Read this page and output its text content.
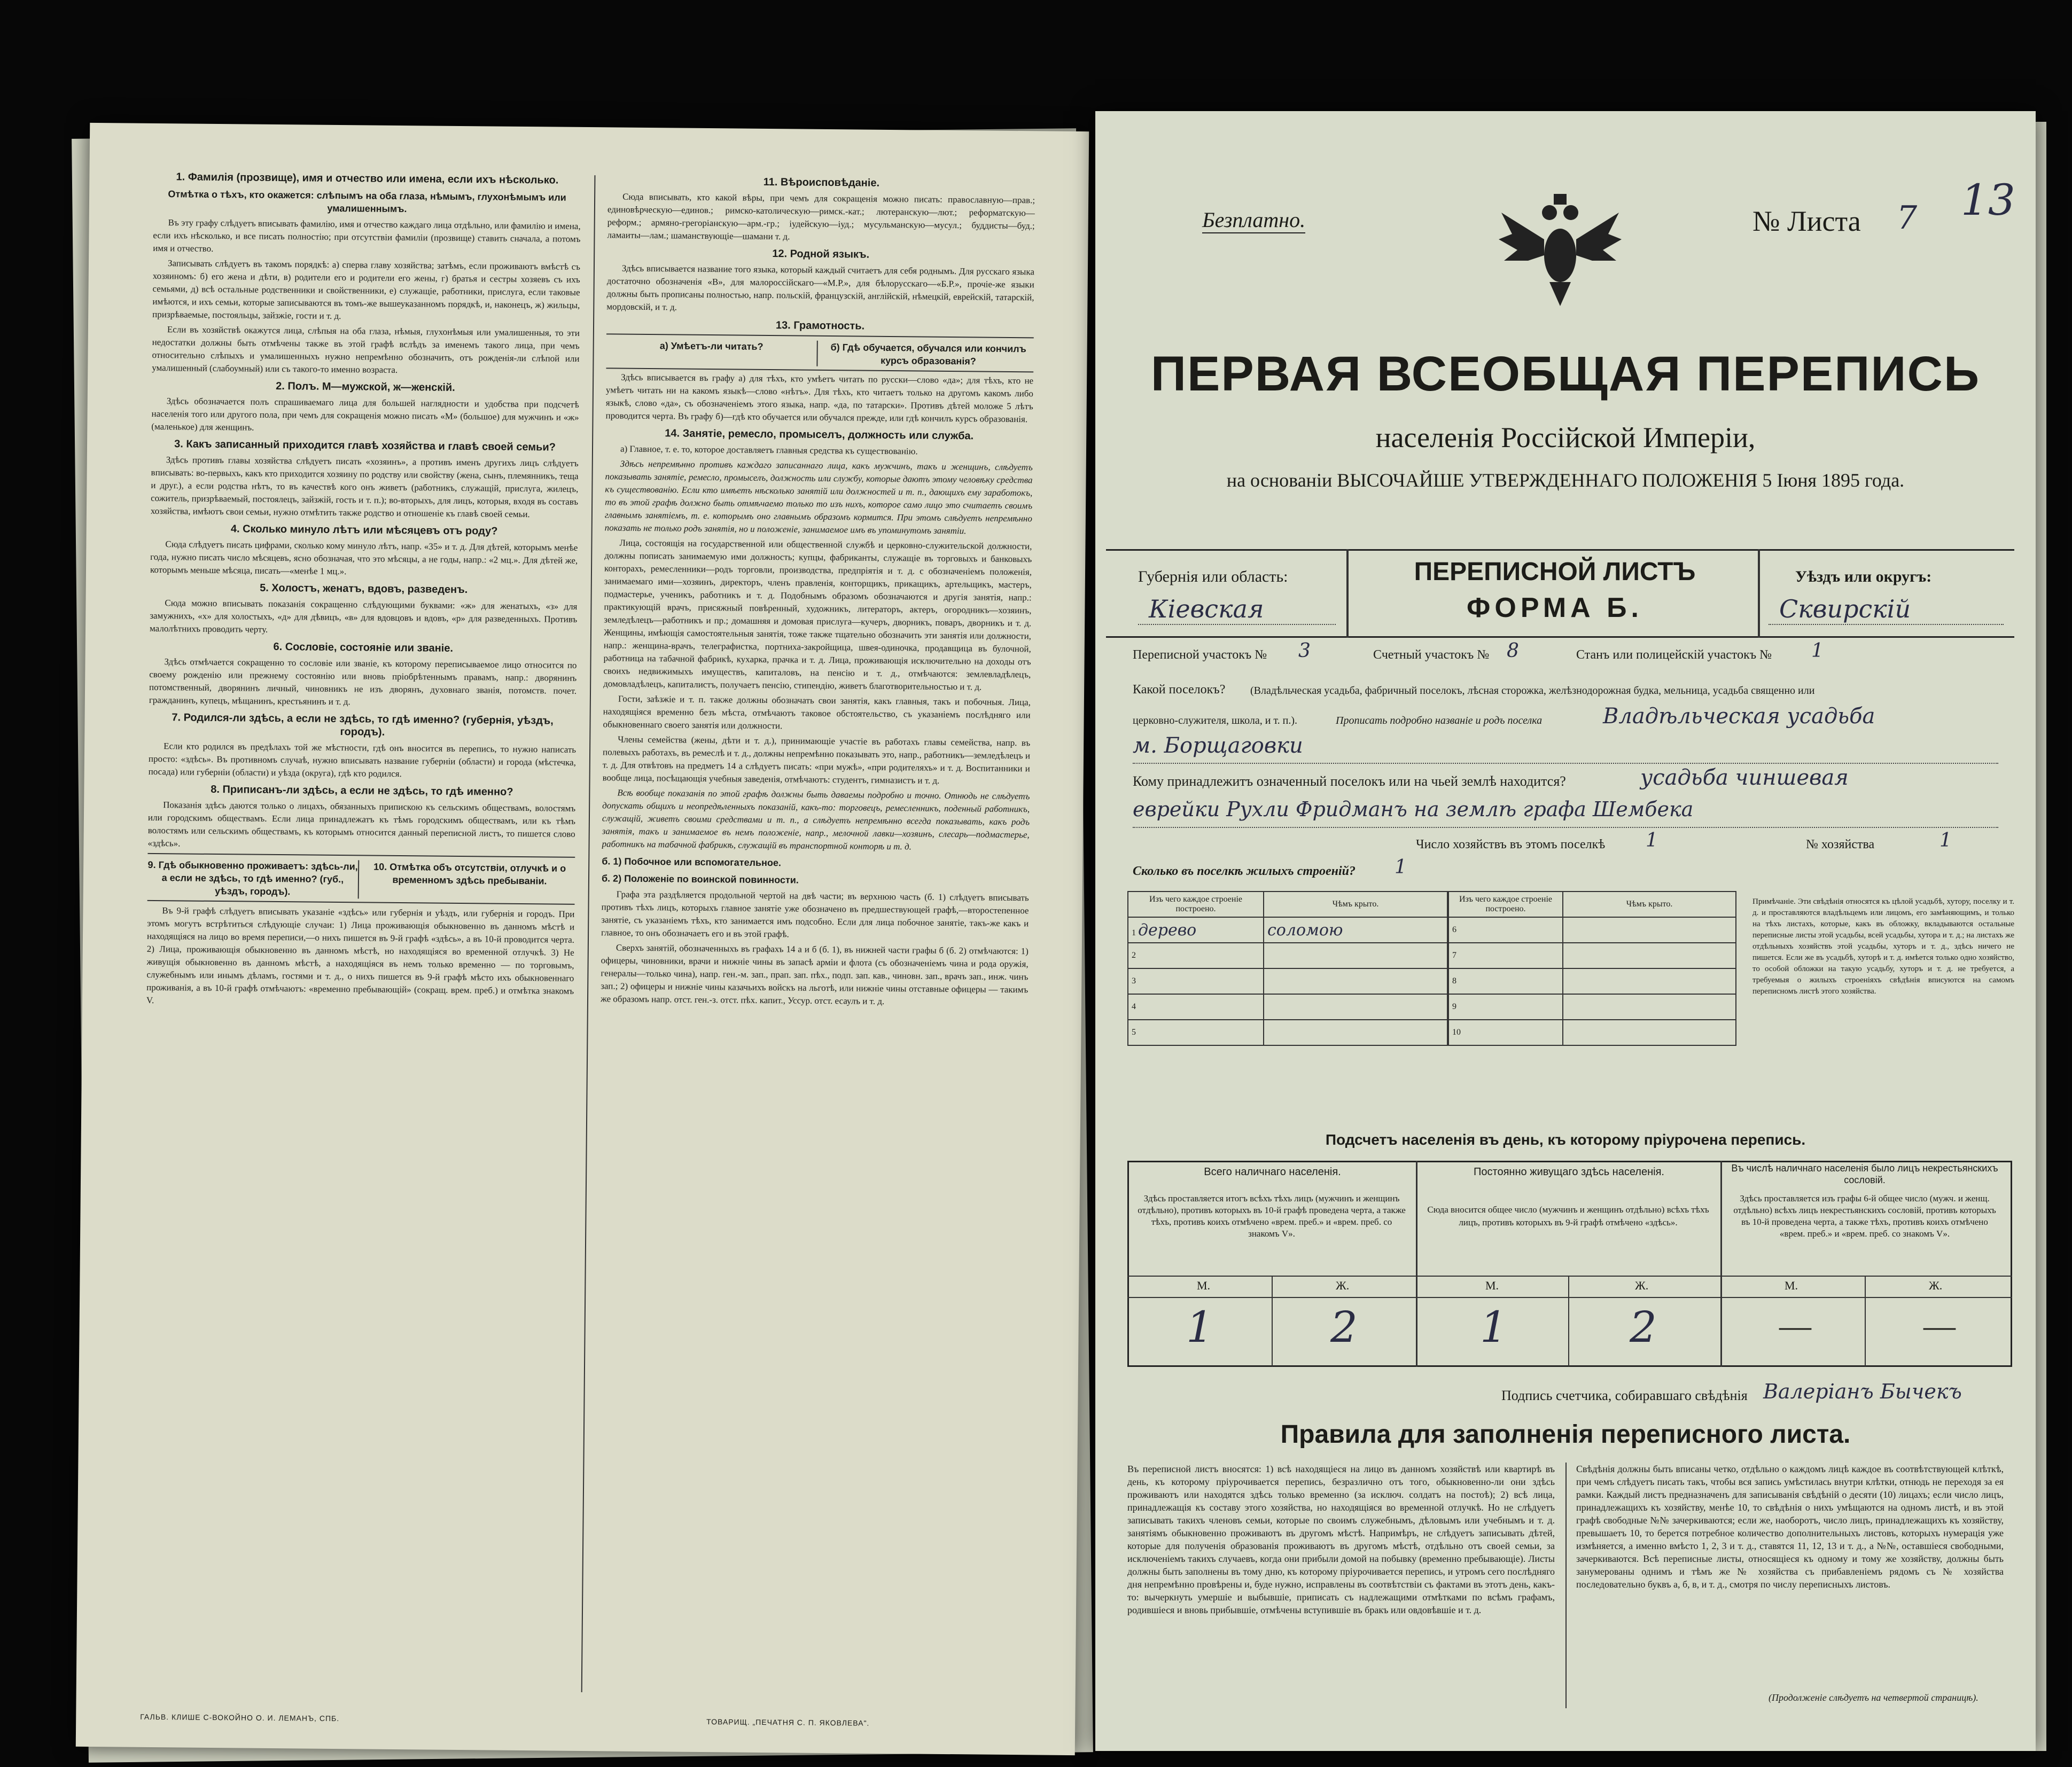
1. Фамилія (прозвище), имя и отчество или имена, если ихъ нѣсколько.
Отмѣтка о тѣхъ, кто окажется: слѣпымъ на оба глаза, нѣмымъ, глухонѣмымъ или умалишеннымъ.

Въ эту графу слѣдуетъ вписывать фамилію, имя и отчество каждаго лица отдѣльно, или фамилію и имена, если ихъ нѣсколько, и все писать полностію; при отсутствіи фамиліи (прозвище) ставить сначала, а потомъ имя и отчество.

Записывать слѣдуетъ въ такомъ порядкѣ: а) сперва главу хозяйства; затѣмъ, если проживаютъ вмѣстѣ съ хозяиномъ: б) его жена и дѣти, в) родители его и родители его жены, г) братья и сестры хозяевъ съ ихъ семьями, д) всѣ остальные родственники и свойственники, е) служащіе, работники, прислуга, если таковые имѣются, и ихъ семьи, которые записываются въ томъ-же вышеуказанномъ порядкѣ, и, наконецъ, ж) жильцы, призрѣваемые, постояльцы, зайзжіе, гости и т. д.

Если въ хозяйствѣ окажутся лица, слѣпыя на оба глаза, нѣмыя, глухонѣмыя или умалишенныя, то эти недостатки должны быть отмѣчены также въ этой графѣ вслѣдъ за именемъ такого лица, при чемъ относительно слѣпыхъ и умалишенныхъ нужно непремѣнно обозначить, отъ рожденія-ли слѣпой или умалишенный (слабоумный) или съ такого-то именно возраста.

2. Полъ. М—мужской, ж—женскій.

Здѣсь обозначается полъ спрашиваемаго лица для большей наглядности и удобства при подсчетѣ населенія того или другого пола, при чемъ для сокращенія можно писать «М» (большое) для мужчинъ и «ж» (маленькое) для женщинъ.

3. Какъ записанный приходится главѣ хозяйства и главѣ своей семьи?

Здѣсь противъ главы хозяйства слѣдуетъ писать «хозяинъ», а противъ именъ другихъ лицъ слѣдуетъ вписывать: во-первыхъ, какъ кто приходится хозяину по родству или свойству (жена, сынъ, племянникъ, теща и друг.), а если родства нѣтъ, то въ качествѣ кого онъ живетъ (работникъ, служащій, прислуга, жилецъ, сожитель, призрѣваемый, постоялецъ, зайзжій, гость и т. п.); во-вторыхъ, для лицъ, которыя, входя въ составъ хозяйства, имѣютъ свои семьи, нужно отмѣтить также родство и отношеніе къ главѣ своей семьи.

4. Сколько минуло лѣтъ или мѣсяцевъ отъ роду?

Сюда слѣдуетъ писать цифрами, сколько кому минуло лѣтъ, напр. «35» и т. д. Для дѣтей, которымъ менѣе года, нужно писать число мѣсяцевъ, ясно обозначая, что это мѣсяцы, а не годы, напр.: «2 мц.». Для дѣтей же, которымъ меньше мѣсяца, писать—«менѣе 1 мц.».

5. Холостъ, женатъ, вдовъ, разведенъ.

Сюда можно вписывать показанія сокращенно слѣдующими буквами: «ж» для женатыхъ, «з» для замужнихъ, «х» для холостыхъ, «д» для дѣвицъ, «в» для вдовцовъ и вдовъ, «р» для разведенныхъ. Противъ малолѣтнихъ проводить черту.

6. Сословіе, состояніе или званіе.

Здѣсь отмѣчается сокращенно то сословіе или званіе, къ которому переписываемое лицо относится по своему рожденію или прежнему состоянію или вновь пріобрѣтеннымъ правамъ, напр.: дворянинъ потомственный, дворянинъ личный, чиновникъ не изъ дворянъ, духовнаго званія, потомств. почет. гражданинъ, купецъ, мѣщанинъ, крестьянинъ и т. д.

7. Родился-ли здѣсь, а если не здѣсь, то гдѣ именно? (губернія, уѣздъ, городъ).

Если кто родился въ предѣлахъ той же мѣстности, гдѣ онъ вносится въ перепись, то нужно написать просто: «здѣсь». Въ противномъ случаѣ, нужно вписывать название губерніи (области) и города (мѣстечка, посада) или губерніи (области) и уѣзда (округа), гдѣ кто родился.

8. Приписанъ-ли здѣсь, а если не здѣсь, то гдѣ именно?

Показанія здѣсь даются только о лицахъ, обязанныхъ припискою къ сельскимъ обществамъ, волостямъ или городскимъ обществамъ. Если лица принадлежатъ къ тѣмъ городскимъ обществамъ, или къ тѣмъ волостямъ или сельскимъ обществамъ, къ которымъ относится данный переписной листъ, то пишется слово «здѣсь».

9. Гдѣ обыкновенно проживаетъ: здѣсь-ли, а если не здѣсь, то гдѣ именно? (губ., уѣздъ, городъ).
10. Отмѣтка объ отсутствіи, отлучкѣ и о временномъ здѣсь пребываніи.

Въ 9-й графѣ слѣдуетъ вписывать указаніе «здѣсь» или губернія и уѣздъ, или губернія и городъ. При этомъ могутъ встрѣтиться слѣдующіе случаи: 1) Лица проживающія обыкновенно въ данномъ мѣстѣ и находящіяся на лицо во время переписи,—о нихъ пишется въ 9-й графѣ «здѣсь», а въ 10-й проводится черта. 2) Лица, проживающія обыкновенно въ данномъ мѣстѣ, но находящіяся во временной отлучкѣ. 3) Не живущія обыкновенно въ данномъ мѣстѣ, а находящіяся въ немъ только временно — по торговымъ, служебнымъ или инымъ дѣламъ, гостями и т. д., о нихъ пишется въ 9-й графѣ мѣсто ихъ обыкновеннаго проживанія, а въ 10-й графѣ отмѣчаютъ: «временно пребывающій» (сокращ. врем. преб.) и отмѣтка знакомъ V.

11. Вѣроисповѣданіе.

Сюда вписывать, кто какой вѣры, при чемъ для сокращенія можно писать: православную—прав.; единовѣрческую—единов.; римско-католическую—римск.-кат.; лютеранскую—лют.; реформатскую—реформ.; армяно-грегоріанскую—арм.-гр.; іудейскую—іуд.; мусульманскую—мусул.; буддисты—буд.; ламаиты—лам.; шаманствующіе—шамани т. д.

12. Родной языкъ.

Здѣсь вписывается название того языка, который каждый считаетъ для себя роднымъ. Для русскаго языка достаточно обозначенія «В», для малороссійскаго—«М.Р.», для бѣлорусскаго—«Б.Р.», прочіе-же языки должны быть прописаны полностью, напр. польскій, французскій, англійскій, нѣмецкій, еврейскій, татарскій, мордовскій, и т. д.

13. Грамотность.
а) Умѣетъ-ли читать?	б) Гдѣ обучается, обучался или кончилъ курсъ образованія?

Здѣсь вписывается въ графу а) для тѣхъ, кто умѣетъ читать по русски—слово «да»; для тѣхъ, кто не умѣетъ читать ни на какомъ языкѣ—слово «нѣтъ». Для тѣхъ, кто читаетъ только на другомъ какомъ либо языкѣ, слово «да», съ обозначеніемъ этого языка, напр. «да, по татарски». Противъ дѣтей моложе 5 лѣтъ проводится черта. Въ графу б)—гдѣ кто обучается или обучался прежде, или гдѣ кончилъ курсъ образованія.

14. Занятіе, ремесло, промыселъ, должность или служба.

а) Главное, т. е. то, которое доставляетъ главныя средства къ существованію.

Здѣсь непремѣнно противъ каждаго записаннаго лица, какъ мужчинъ, такъ и женщинъ, слѣдуетъ показывать занятіе, ремесло, промыселъ, должность или службу, которые даютъ этому человѣку средства къ существованію. Если кто имѣетъ нѣсколько занятій или должностей и т. п., дающихъ ему заработокъ, то въ этой графѣ должно быть отмѣчаемо только то изъ нихъ, которое само лицо это считаетъ своимъ главнымъ занятіемъ, т. е. которымъ оно главнымъ образомъ кормится. При этомъ слѣдуетъ непремѣнно показать не только родъ занятія, но и положеніе, занимаемое имъ въ упоминутомъ занятіи.

Лица, состоящія на государственной или общественной службѣ и церковно-служительской должности, должны пописать занимаемую ими должность; купцы, фабриканты, служащіе въ торговыхъ и банковыхъ конторахъ, ремесленники—родъ торговли, производства, предпріятія и т. д. с обозначеніемъ положенія, занимаемаго ими—хозяинъ, директоръ, членъ правленія, конторщикъ, прикащикъ, артельщикъ, мастеръ, подмастерье, ученикъ, работникъ и т. д. Подобнымъ образомъ обозначаются и другія занятія, напр.: практикующій врачъ, присяжный повѣренный, художникъ, литераторъ, актеръ, огородникъ—хозяинъ, земледѣлецъ—работникъ и пр.; домашняя и домовая прислуга—кучеръ, дворникъ, поваръ, дворникъ и т. д. Женщины, имѣющія самостоятельныя занятія, тоже также тщательно обозначить эти занятія или должности, напр.: женщина-врачъ, телеграфистка, портниха-закройщица, швея-одиночка, продавщица въ булочной, работница на табачной фабрикѣ, кухарка, прачка и т. д. Лица, проживающія исключительно на доходы отъ своихъ недвижимыхъ имуществъ, капиталовъ, на пенсію и т. д., отмѣчаются: землевладѣлецъ, домовладѣлецъ, капиталистъ, получаетъ пенсію, стипендію, живетъ благотворительностью и т. д.

Гости, заѣзжіе и т. п. также должны обозначать свои занятія, какъ главныя, такъ и побочныя. Лица, находящіяся временно безъ мѣста, отмѣчаютъ таковое обстоятельство, съ указаніемъ послѣдняго или обыкновеннаго своего занятія или должности.

Члены семейства (жены, дѣти и т. д.), принимающіе участіе въ работахъ главы семейства, напр. въ полевыхъ работахъ, въ ремеслѣ и т. д., должны непремѣнно показывать это, напр., работникъ—земледѣлецъ и т. д. Для отвѣтовъ на предметъ 14 а слѣдуетъ писать: «при мужѣ», «при родителяхъ» и т. д. Воспитанники и вообще лица, посѣщающія учебныя заведенія, отмѣчаютъ: студентъ, гимназистъ и т. д.

Всѣ вообще показанія по этой графѣ должны быть даваемы подробно и точно. Отнюдь не слѣдуетъ допускать общихъ и неопредѣленныхъ показаній, какъ-то: торговецъ, ремесленникъ, поденный работникъ, служащій, живетъ своими средствами и т. п., а слѣдуетъ непремѣнно всегда показывать, какъ родъ занятія, такъ и занимаемое въ немъ положеніе, напр., мелочной лавки—хозяинъ, слесарь—подмастерье, работникъ на табачной фабрикѣ, служащій въ транспортной конторѣ и т. д.

б. 1) Побочное или вспомогательное.
б. 2) Положеніе по воинской повинности.

Графа эта раздѣляется продольной чертой на двѣ части; въ верхнюю часть (б. 1) слѣдуетъ вписывать противъ тѣхъ лицъ, которыхъ главное занятіе уже обозначено въ предшествующей графѣ,—второстепенное занятіе, съ указаніемъ тѣхъ, кто занимается имъ подсобно. Если для лица побочное занятіе, такъ-же какъ и главное, то онъ обозначаетъ его и въ этой графѣ.

Сверхъ занятій, обозначенныхъ въ графахъ 14 а и б (б. 1), въ нижней части графы б (б. 2) отмѣчаются: 1) офицеры, чиновники, врачи и нижніе чины въ запасѣ армiи и флота (съ обозначеніемъ чина и рода оружія, генералы—только чина), напр. ген.-м. зап., прап. зап. пѣх., подп. зап. кав., чиновн. зап., врачъ зап., инж. чинъ зап.; 2) офицеры и нижніе чины казачьихъ войскъ на льготѣ, или нижніе чины отставные офицеры — такимъ же образомъ напр. отст. ген.-з. отст. пѣх. капит., Уссур. отст. есаулъ и т. д.

ГАЛЬВ. КЛИШЕ С-ВОКОЙНО О. И. ЛЕМАНЪ, СПБ.	ТОВАРИЩ. „ПЕЧАТНЯ С. П. ЯКОВЛЕВА".
Безплатно.	№ Листа 7 13
ПЕРВАЯ ВСЕОБЩАЯ ПЕРЕПИСЬ
населенія Россійской Имперіи,
на основаніи ВЫСОЧАЙШЕ УТВЕРЖДЕННАГО ПОЛОЖЕНІЯ 5 Іюня 1895 года.
Губернія или область:
Кіевская
ПЕРЕПИСНОЙ ЛИСТЪ
ФОРМА Б.
Уѣздъ или округъ:
Сквирскій
Переписной участокъ № 3	Счетный участокъ № 8	Станъ или полицейскій участокъ № 1
Какой поселокъ? (Владѣльческая усадьба, фабричный поселокъ, лѣсная сторожка, желѣзнодорожная будка, мельница, усадьба священно или
церковно-служителя, школа, и т. п.).	Прописать подробно названіе и родъ поселка	Владѣльческая усадьба
м. Борщаговки
Кому принадлежитъ означенный поселокъ или на чьей землѣ находится?	усадьба чиншевая
еврейки Рухли Фридманъ на землѣ графа Шембека
Число хозяйствъ въ этомъ поселкѣ 1	№ хозяйства	1
Сколько въ поселкѣ жилыхъ строеній? 1
Изъ чего каждое строеніе построено.	Чѣмъ крыто.
1 дерево	соломою
2	
3	
4	
5	
Изъ чего каждое строеніе построено.	Чѣмъ крыто.
6	
7	
8	
9	
10	
Примѣчаніе. Эти свѣдѣнія относятся къ цѣлой усадьбѣ, хутору, поселку и т. д. и проставляются владѣльцемъ или лицомъ, его замѣняющимъ, и только на тѣхъ листахъ, которые, какъ въ обложку, вкладываются остальные переписные листы этой усадьбы, всей усадьбы, хутора и т. д.; на листахъ же отдѣльныхъ хозяйствъ этой усадьбы, хуторъ и т. д., здѣсь ничего не пишется. Если же въ усадьбѣ, хуторѣ и т. д. имѣется только одно хозяйство, то особой обложки на такую усадьбу, хуторъ и т. д. не требуется, а требуемыя о жилыхъ строеніяхъ свѣдѣнія вписуются на самомъ переписномъ листѣ этого хозяйства.
Подсчетъ населенія въ день, къ которому пріурочена перепись.
Всего наличнаго населенія.	Постоянно живущаго здѣсь населенія.	Въ числѣ наличнаго населенія было лицъ некрестьянскихъ сословій.
Здѣсь проставляется итогъ всѣхъ тѣхъ лицъ (мужчинъ и женщинъ отдѣльно), противъ которыхъ въ 10-й графѣ проведена черта, а также тѣхъ, противъ коихъ отмѣчено «врем. преб.» и «врем. преб. со знакомъ V».
Сюда вносится общее число (мужчинъ и женщинъ отдѣльно) всѣхъ тѣхъ лицъ, противъ которыхъ въ 9-й графѣ отмѣчено «здѣсь».
Здѣсь проставляется изъ графы 6-й общее число (мужч. и женщ. отдѣльно) всѣхъ лицъ некрестьянскихъ сословій, противъ которыхъ въ 10-й проведена черта, а также тѣхъ, противъ коихъ отмѣчено «врем. преб.» и «врем. преб. со знакомъ V».
М.	Ж.	М.	Ж.	М.	Ж.
1	2	1	2	—	—
Подпись счетчика, собиравшаго свѣдѣнія Валеріанъ Бычекъ
Правила для заполненія переписного листа.
Въ переписной листъ вносятся: 1) всѣ находящіеся на лицо въ данномъ хозяйствѣ или квартирѣ въ день, къ которому пріурочивается перепись, безразлично отъ того, обыкновенно-ли они здѣсь проживаютъ или находятся здѣсь только временно (за исключ. солдатъ на постоѣ); 2) всѣ лица, принадлежащія къ составу этого хозяйства, но находящіяся во временной отлучкѣ. Но не слѣдуетъ записывать такихъ членовъ семьи, которые по своимъ служебнымъ, дѣловымъ или учебнымъ и т. д. занятіямъ обыкновенно проживаютъ въ другомъ мѣстѣ. Напримѣръ, не слѣдуетъ записывать дѣтей, которые для полученія образованія проживаютъ въ другомъ мѣстѣ, отдѣльно отъ своей семьи, за исключеніемъ такихъ случаевъ, когда они прибыли домой на побывку (временно пребывающіе). Листы должны быть заполнены въ тому дню, къ которому пріурочивается перепись, и утромъ сего послѣдняго дня непремѣнно провѣрены и, буде нужно, исправлены въ соотвѣтствіи съ фактами въ этотъ день, какъ-то: вычеркнуть умершіе и выбывшіе, приписать съ надлежащими отмѣтками по всѣмъ графамъ, родившіеся и вновь прибывшіе, отмѣчены вступившіе въ бракъ или овдовѣвшіе и т. д.
Свѣдѣнія должны быть вписаны четко, отдѣльно о каждомъ лицѣ каждое въ соотвѣтствующей клѣткѣ, при чемъ слѣдуетъ писать такъ, чтобы вся запись умѣстилась внутри клѣтки, отнюдь не переходя за ея рамки. Каждый листъ предназначенъ для записыванія свѣдѣній о десяти (10) лицахъ; если число лицъ, принадлежащихъ къ хозяйству, менѣе 10, то свѣдѣнія о нихъ умѣщаются на одномъ листѣ, и въ этой графѣ свободные №№ зачеркиваются; если же, наоборотъ, число лицъ, принадлежащихъ къ хозяйству, превышаетъ 10, то берется потребное количество дополнительныхъ листовъ, которыхъ нумерація уже измѣняется, а именно вмѣсто 1, 2, 3 и т. д., ставятся 11, 12, 13 и т. д., а №№, оставшіеся свободными, зачеркиваются. Всѣ переписные листы, относящіеся къ одному и тому же хозяйству, должны быть занумерованы однимъ и тѣмъ же № хозяйства съ прибавленіемъ рядомъ съ № хозяйства последовательно буквъ а, б, в, и т. д., смотря по числу переписныхъ листовъ.
(Продолженіе слѣдуетъ на четвертой страницѣ).
